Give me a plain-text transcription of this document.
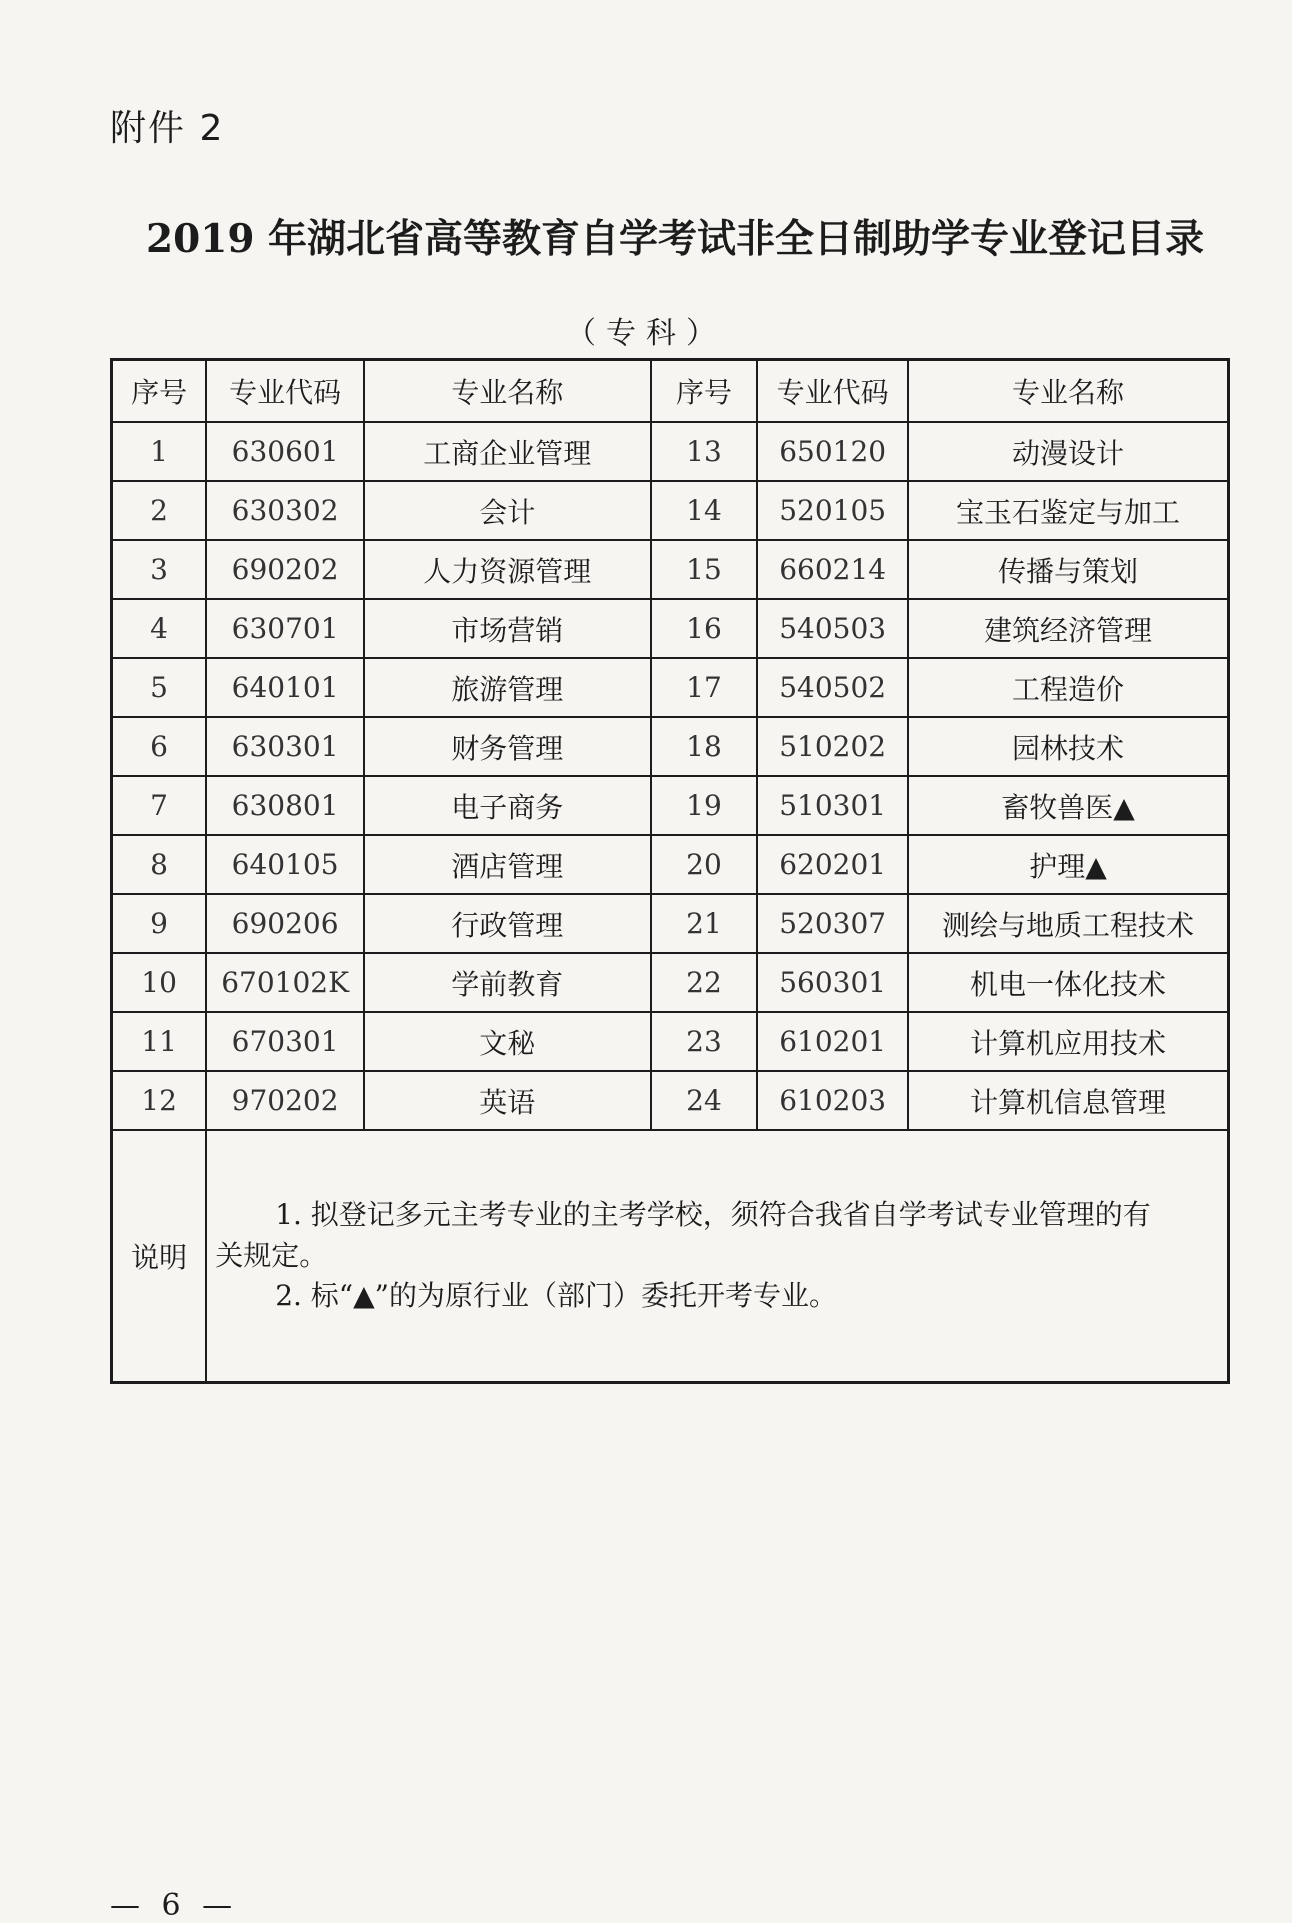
附件 2
2019 年湖北省高等教育自学考试非全日制助学专业登记目录
（专科）
序号	专业代码	专业名称	序号	专业代码	专业名称
1	630601	工商企业管理	13	650120	动漫设计
2	630302	会计	14	520105	宝玉石鉴定与加工
3	690202	人力资源管理	15	660214	传播与策划
4	630701	市场营销	16	540503	建筑经济管理
5	640101	旅游管理	17	540502	工程造价
6	630301	财务管理	18	510202	园林技术
7	630801	电子商务	19	510301	畜牧兽医▲
8	640105	酒店管理	20	620201	护理▲
9	690206	行政管理	21	520307	测绘与地质工程技术
10	670102K	学前教育	22	560301	机电一体化技术
11	670301	文秘	23	610201	计算机应用技术
12	970202	英语	24	610203	计算机信息管理
说明	1. 拟登记多元主考专业的主考学校，须符合我省自学考试专业管理的有
关规定。
2. 标“▲”的为原行业（部门）委托开考专业。				
— 6 —
